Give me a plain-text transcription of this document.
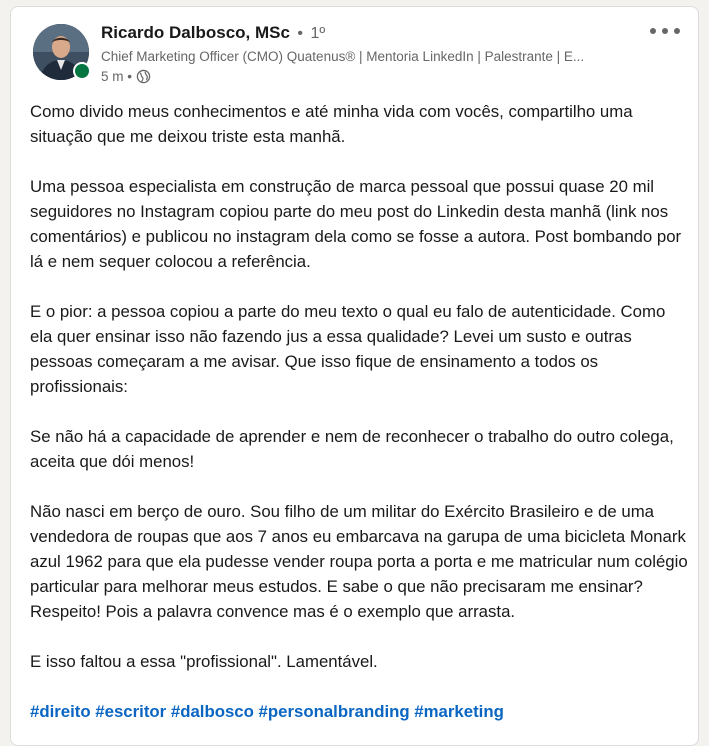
Ricardo Dalbosco, MSc • 1º
Chief Marketing Officer (CMO) Quatenus® | Mentoria LinkedIn | Palestrante | E...
5 m •

Como divido meus conhecimentos e até minha vida com vocês, compartilho uma situação que me deixou triste esta manhã.

Uma pessoa especialista em construção de marca pessoal que possui quase 20 mil seguidores no Instagram copiou parte do meu post do Linkedin desta manhã (link nos comentários) e publicou no instagram dela como se fosse a autora. Post bombando por lá e nem sequer colocou a referência.

E o pior: a pessoa copiou a parte do meu texto o qual eu falo de autenticidade. Como ela quer ensinar isso não fazendo jus a essa qualidade? Levei um susto e outras pessoas começaram a me avisar. Que isso fique de ensinamento a todos os profissionais:

Se não há a capacidade de aprender e nem de reconhecer o trabalho do outro colega, aceita que dói menos!

Não nasci em berço de ouro. Sou filho de um militar do Exército Brasileiro e de uma vendedora de roupas que aos 7 anos eu embarcava na garupa de uma bicicleta Monark azul 1962 para que ela pudesse vender roupa porta a porta e me matricular num colégio particular para melhorar meus estudos. E sabe o que não precisaram me ensinar? Respeito! Pois a palavra convence mas é o exemplo que arrasta.

E isso faltou a essa "profissional". Lamentável.

#direito #escritor #dalbosco #personalbranding #marketing
